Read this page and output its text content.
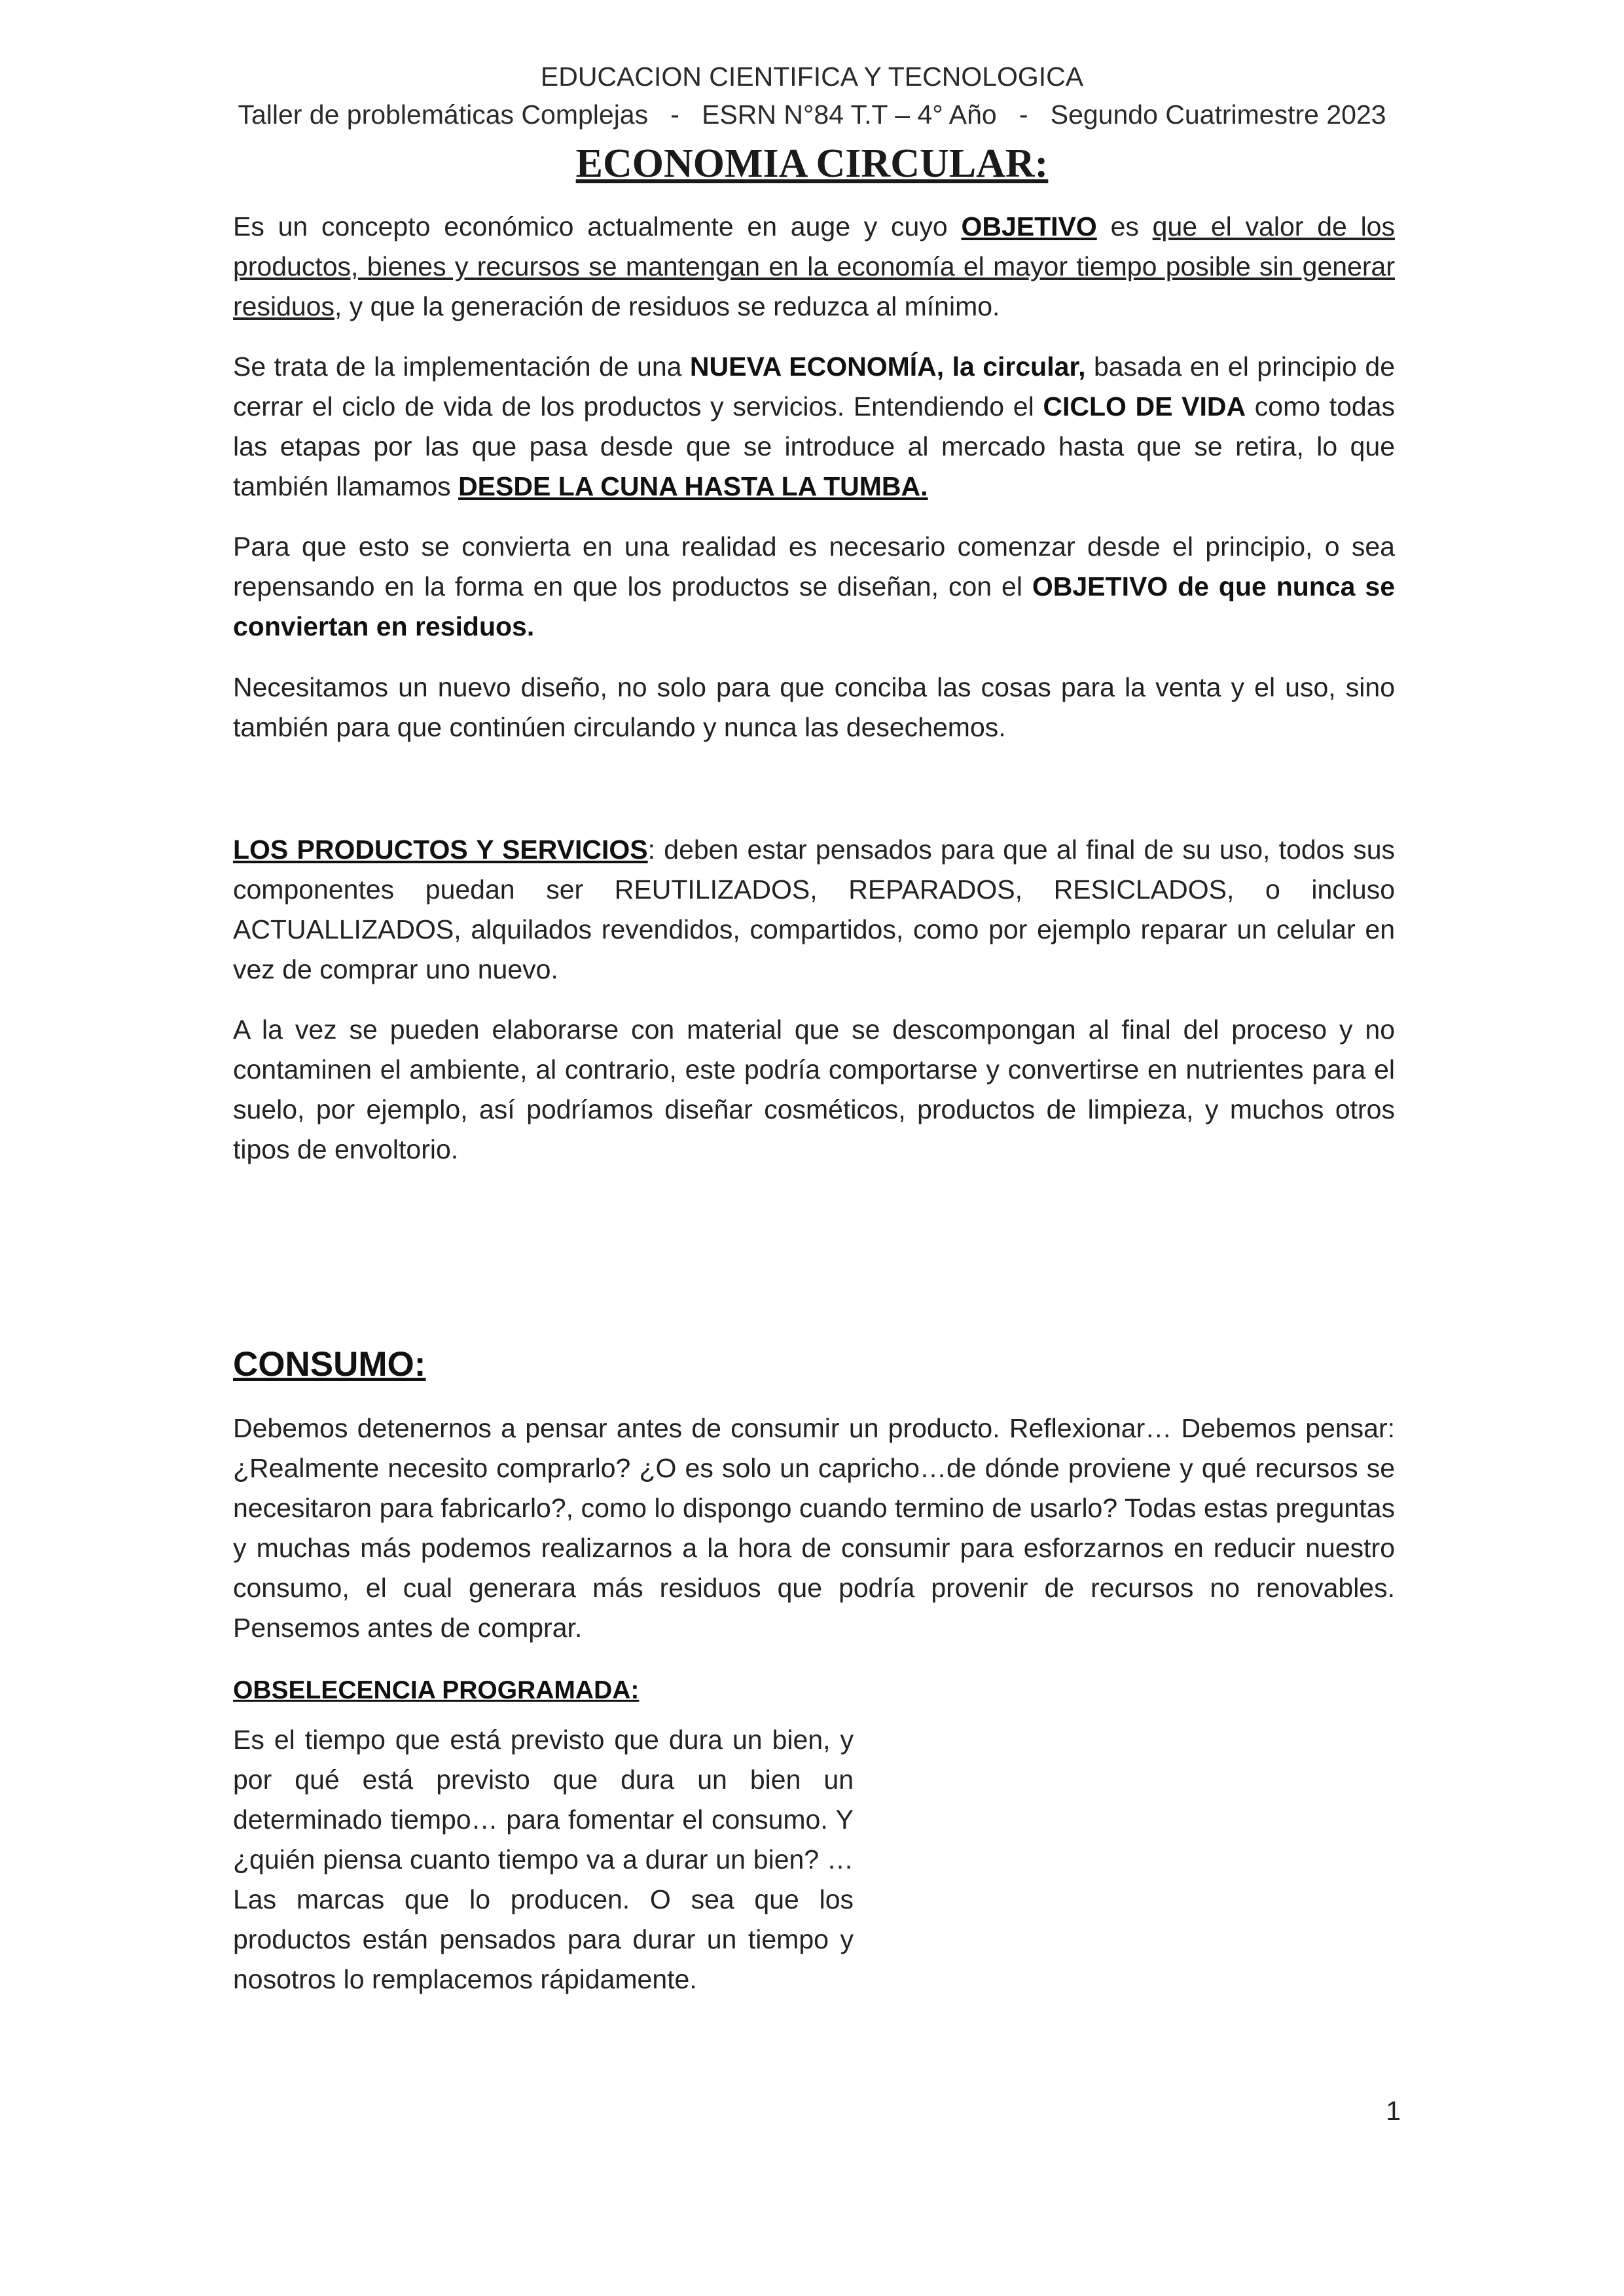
EDUCACION CIENTIFICA Y TECNOLOGICA
Taller de problemáticas Complejas   -   ESRN N°84 T.T – 4° Año   -   Segundo Cuatrimestre 2023
ECONOMIA CIRCULAR:

Es un concepto económico actualmente en auge y cuyo OBJETIVO es que el valor de los productos, bienes y recursos se mantengan en la economía el mayor tiempo posible sin generar residuos, y que la generación de residuos se reduzca al mínimo.

Se trata de la implementación de una NUEVA ECONOMÍA, la circular, basada en el principio de cerrar el ciclo de vida de los productos y servicios. Entendiendo el CICLO DE VIDA como todas las etapas por las que pasa desde que se introduce al mercado hasta que se retira, lo que también llamamos DESDE LA CUNA HASTA LA TUMBA.

Para que esto se convierta en una realidad es necesario comenzar desde el principio, o sea repensando en la forma en que los productos se diseñan, con el OBJETIVO de que nunca se conviertan en residuos.

Necesitamos un nuevo diseño, no solo para que conciba las cosas para la venta y el uso, sino también para que continúen circulando y nunca las desechemos.

LOS PRODUCTOS Y SERVICIOS: deben estar pensados para que al final de su uso, todos sus componentes puedan ser REUTILIZADOS, REPARADOS, RESICLADOS, o incluso ACTUALLIZADOS, alquilados revendidos, compartidos, como por ejemplo reparar un celular en vez de comprar uno nuevo.

A la vez se pueden elaborarse con material que se descompongan al final del proceso y no contaminen el ambiente, al contrario, este podría comportarse y convertirse en nutrientes para el suelo, por ejemplo, así podríamos diseñar cosméticos, productos de limpieza, y muchos otros tipos de envoltorio.

CONSUMO:

Debemos detenernos a pensar antes de consumir un producto. Reflexionar… Debemos pensar: ¿Realmente necesito comprarlo? ¿O es solo un capricho…de dónde proviene y qué recursos se necesitaron para fabricarlo?, como lo dispongo cuando termino de usarlo? Todas estas preguntas y muchas más podemos realizarnos a la hora de consumir para esforzarnos en reducir nuestro consumo, el cual generara más residuos que podría provenir de recursos no renovables. Pensemos antes de comprar.

OBSELECENCIA PROGRAMADA:

Es el tiempo que está previsto que dura un bien, y por qué está previsto que dura un bien un determinado tiempo… para fomentar el consumo. Y ¿quién piensa cuanto tiempo va a durar un bien? …Las marcas que lo producen. O sea que los productos están pensados para durar un tiempo y nosotros lo remplacemos rápidamente.

1
